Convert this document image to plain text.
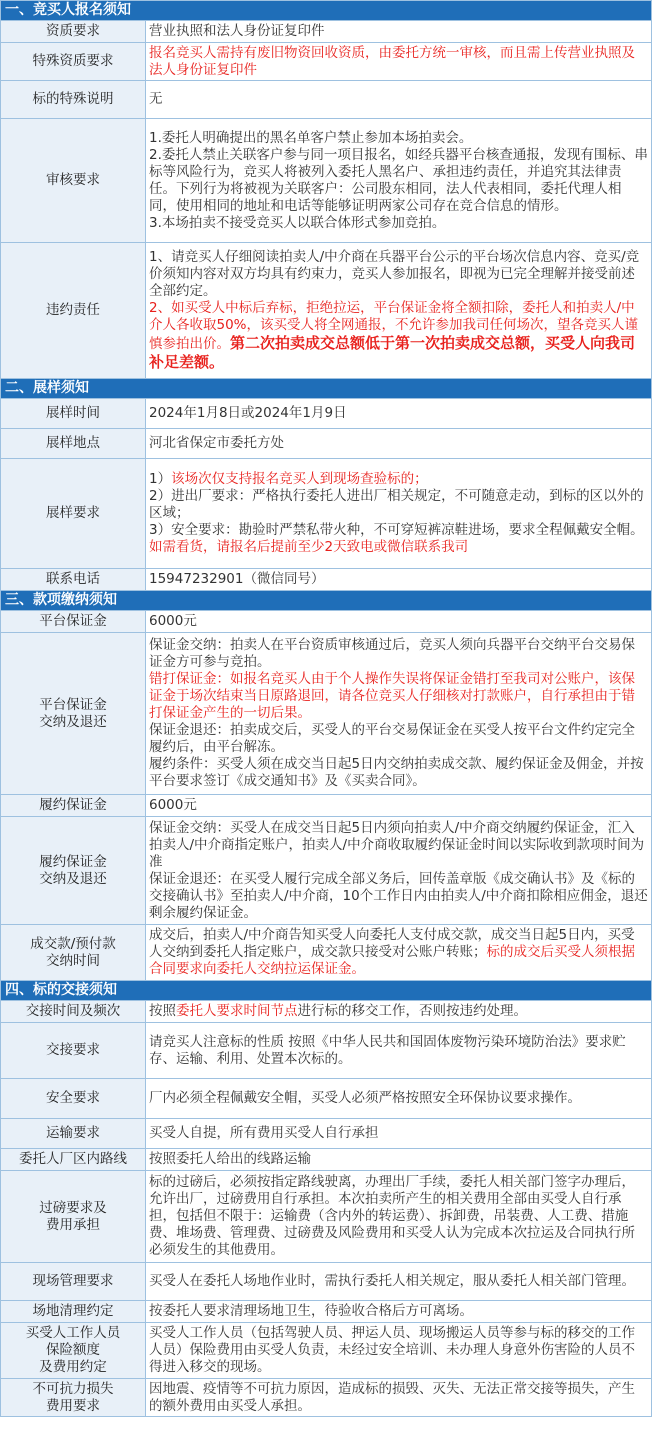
一、竞买人报名须知	
资质要求	营业执照和法人身份证复印件

特殊资质要求	报名竞买人需持有废旧物资回收资质，由委托方统一审核，而且需上传营业执照及法人身份证复印件

标的特殊说明	无

审核要求	1.委托人明确提出的黑名单客户禁止参加本场拍卖会。
2.委托人禁止关联客户参与同一项目报名，如经兵器平台核查通报，发现有围标、串标等风险行为，竞买人将被列入委托人黑名户、承担违约责任，并追究其法律责任。下列行为将被视为关联客户：公司股东相同，法人代表相同，委托代理人相同，使用相同的地址和电话等能够证明两家公司存在竞合信息的情形。
3.本场拍卖不接受竞买人以联合体形式参加竞拍。

违约责任	1、请竞买人仔细阅读拍卖人/中介商在兵器平台公示的平台场次信息内容、竞买/竞价须知内容对双方均具有约束力，竞买人参加报名，即视为已完全理解并接受前述全部约定。
2、如买受人中标后弃标，拒绝拉运，平台保证金将全额扣除，委托人和拍卖人/中介人各收取50%，该买受人将全网通报，不允许参加我司任何场次，望各竞买人谨慎参拍出价。第二次拍卖成交总额低于第一次拍卖成交总额，买受人向我司补足差额。

二、展样须知	
展样时间	2024年1月8日或2024年1月9日

展样地点	河北省保定市委托方处

展样要求	1）该场次仅支持报名竞买人到现场查验标的；
2）进出厂要求：严格执行委托人进出厂相关规定，不可随意走动，到标的区以外的区域；
3）安全要求：勘验时严禁私带火种，不可穿短裤凉鞋进场，要求全程佩戴安全帽。
如需看货，请报名后提前至少2天致电或微信联系我司

联系电话	15947232901（微信同号）

三、款项缴纳须知	
平台保证金	6000元

平台保证金
交纳及退还	保证金交纳：拍卖人在平台资质审核通过后，竞买人须向兵器平台交纳平台交易保证金方可参与竞拍。
错打保证金：如报名竞买人由于个人操作失误将保证金错打至我司对公账户，该保证金于场次结束当日原路退回，请各位竞买人仔细核对打款账户，自行承担由于错打保证金产生的一切后果。
保证金退还：拍卖成交后，买受人的平台交易保证金在买受人按平台文件约定完全履约后，由平台解冻。
履约条件：买受人须在成交当日起5日内交纳拍卖成交款、履约保证金及佣金，并按平台要求签订《成交通知书》及《买卖合同》。

履约保证金	6000元

履约保证金
交纳及退还	保证金交纳：买受人在成交当日起5日内须向拍卖人/中介商交纳履约保证金，汇入拍卖人/中介商指定账户，拍卖人/中介商收取履约保证金时间以实际收到款项时间为准
保证金退还：在买受人履行完成全部义务后，回传盖章版《成交确认书》及《标的交接确认书》至拍卖人/中介商，10个工作日内由拍卖人/中介商扣除相应佣金，退还剩余履约保证金。

成交款/预付款
交纳时间	成交后，拍卖人/中介商告知买受人向委托人支付成交款，成交当日起5日内，买受人交纳到委托人指定账户，成交款只接受对公账户转账；标的成交后买受人须根据合同要求向委托人交纳拉运保证金。

四、标的交接须知	
交接时间及频次	按照委托人要求时间节点进行标的移交工作，否则按违约处理。

交接要求	请竞买人注意标的性质 按照《中华人民共和国固体废物污染环境防治法》要求贮存、运输、利用、处置本次标的。

安全要求	厂内必须全程佩戴安全帽，买受人必须严格按照安全环保协议要求操作。

运输要求	买受人自提，所有费用买受人自行承担

委托人厂区内路线	按照委托人给出的线路运输

过磅要求及
费用承担	标的过磅后，必须按指定路线驶离，办理出厂手续，委托人相关部门签字办理后，允许出厂，过磅费用自行承担。本次拍卖所产生的相关费用全部由买受人自行承担，包括但不限于：运输费（含内外的转运费）、拆卸费，吊装费、人工费、措施费、堆场费、管理费、过磅费及风险费用和买受人认为完成本次拉运及合同执行所必须发生的其他费用。

现场管理要求	买受人在委托人场地作业时，需执行委托人相关规定，服从委托人相关部门管理。

场地清理约定	按委托人要求清理场地卫生，待验收合格后方可离场。

买受人工作人员
保险额度
及费用约定	买受人工作人员（包括驾驶人员、押运人员、现场搬运人员等参与标的移交的工作人员）保险费用由买受人负责，未经过安全培训、未办理人身意外伤害险的人员不得进入移交的现场。

不可抗力损失
费用要求	因地震、疫情等不可抗力原因，造成标的损毁、灭失、无法正常交接等损失，产生的额外费用由买受人承担。
